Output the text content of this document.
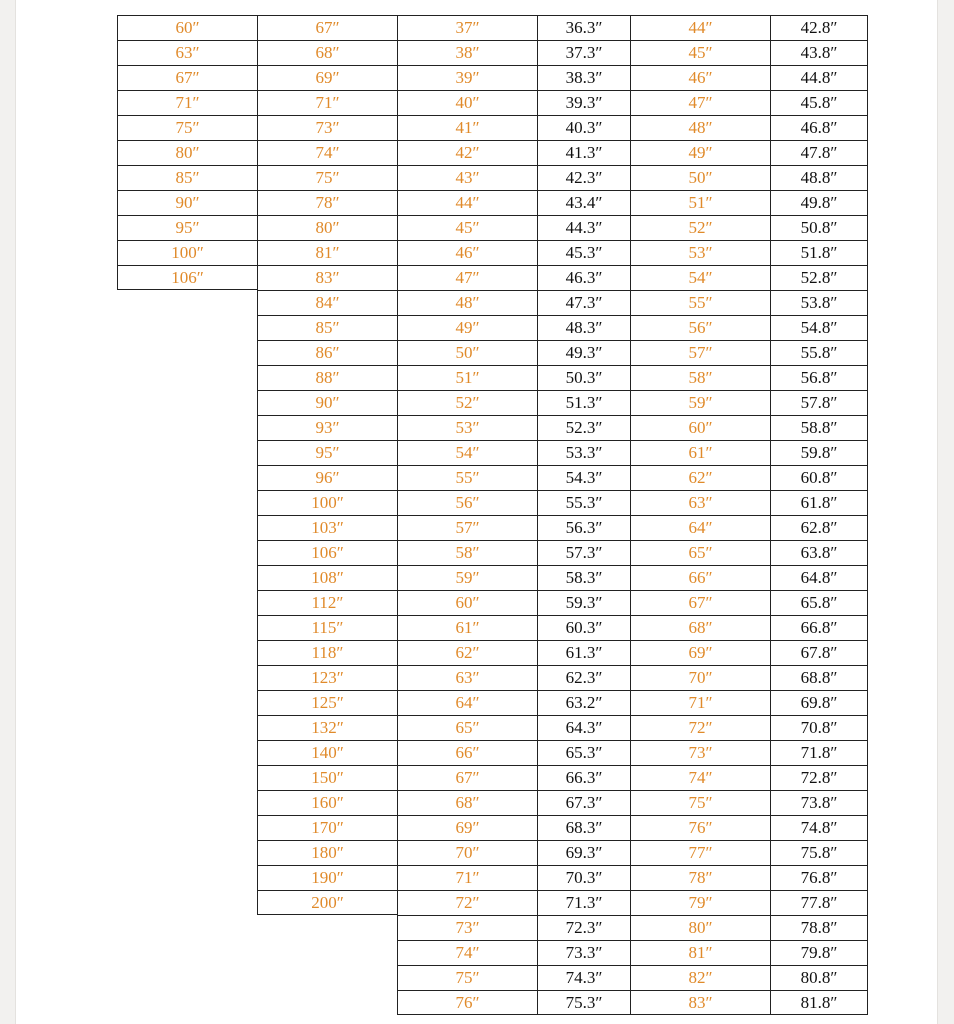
60″
63″
67″
71″
75″
80″
85″
90″
95″
100″
106″
67″
68″
69″
71″
73″
74″
75″
78″
80″
81″
83″
84″
85″
86″
88″
90″
93″
95″
96″
100″
103″
106″
108″
112″
115″
118″
123″
125″
132″
140″
150″
160″
170″
180″
190″
200″
37″
38″
39″
40″
41″
42″
43″
44″
45″
46″
47″
48″
49″
50″
51″
52″
53″
54″
55″
56″
57″
58″
59″
60″
61″
62″
63″
64″
65″
66″
67″
68″
69″
70″
71″
72″
73″
74″
75″
76″
36.3″
37.3″
38.3″
39.3″
40.3″
41.3″
42.3″
43.4″
44.3″
45.3″
46.3″
47.3″
48.3″
49.3″
50.3″
51.3″
52.3″
53.3″
54.3″
55.3″
56.3″
57.3″
58.3″
59.3″
60.3″
61.3″
62.3″
63.2″
64.3″
65.3″
66.3″
67.3″
68.3″
69.3″
70.3″
71.3″
72.3″
73.3″
74.3″
75.3″
44″
45″
46″
47″
48″
49″
50″
51″
52″
53″
54″
55″
56″
57″
58″
59″
60″
61″
62″
63″
64″
65″
66″
67″
68″
69″
70″
71″
72″
73″
74″
75″
76″
77″
78″
79″
80″
81″
82″
83″
42.8″
43.8″
44.8″
45.8″
46.8″
47.8″
48.8″
49.8″
50.8″
51.8″
52.8″
53.8″
54.8″
55.8″
56.8″
57.8″
58.8″
59.8″
60.8″
61.8″
62.8″
63.8″
64.8″
65.8″
66.8″
67.8″
68.8″
69.8″
70.8″
71.8″
72.8″
73.8″
74.8″
75.8″
76.8″
77.8″
78.8″
79.8″
80.8″
81.8″
